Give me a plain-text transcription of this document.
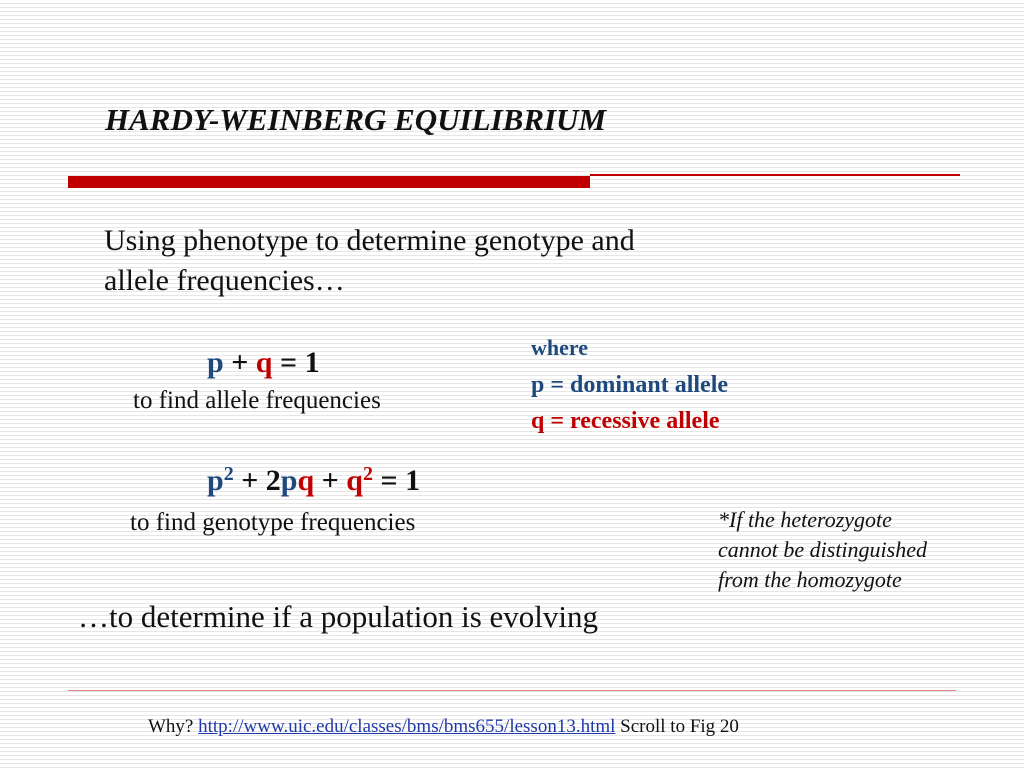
HARDY-WEINBERG EQUILIBRIUM
Using phenotype to determine genotype and
allele frequencies…
p + q = 1
to find allele frequencies
$p^2 + 2pq + q^2 = 1$
to find genotype frequencies
where
p = dominant allele
q = recessive allele
*If the heterozygote
cannot be distinguished
from the homozygote
…to determine if a population is evolving
Why? http://www.uic.edu/classes/bms/bms655/lesson13.html Scroll to Fig 20
